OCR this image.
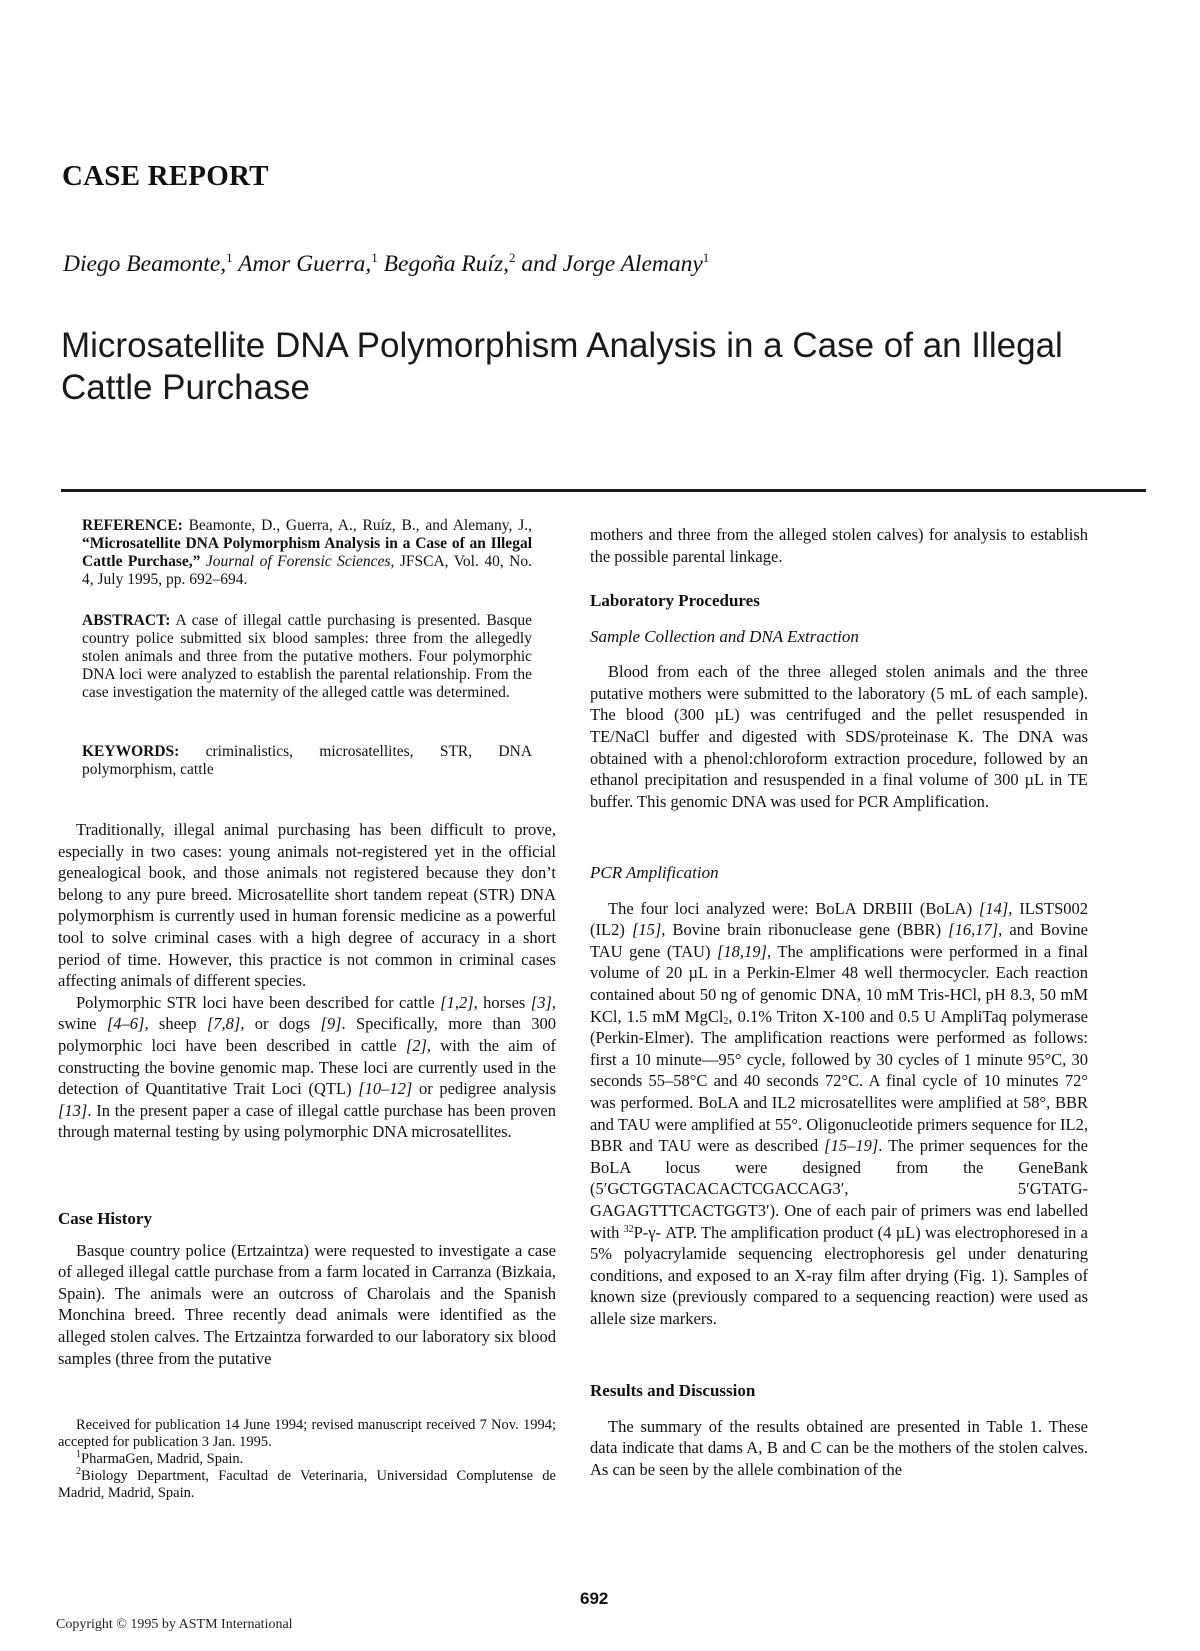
CASE REPORT
Diego Beamonte,$^1$ Amor Guerra,$^1$ Begoña Ruíz,$^2$ and Jorge Alemany$^1$
Microsatellite DNA Polymorphism Analysis in a Case of an Illegal Cattle Purchase

REFERENCE: Beamonte, D., Guerra, A., Ruíz, B., and Alemany, J., “Microsatellite DNA Polymorphism Analysis in a Case of an Illegal Cattle Purchase,” Journal of Forensic Sciences, JFSCA, Vol. 40, No. 4, July 1995, pp. 692–694.

ABSTRACT: A case of illegal cattle purchasing is presented. Basque country police submitted six blood samples: three from the allegedly stolen animals and three from the putative mothers. Four polymorphic DNA loci were analyzed to establish the parental relationship. From the case investigation the maternity of the alleged cattle was determined.

KEYWORDS: criminalistics, microsatellites, STR, DNA polymorphism, cattle

Traditionally, illegal animal purchasing has been difficult to prove, especially in two cases: young animals not-registered yet in the official genealogical book, and those animals not registered because they don’t belong to any pure breed. Microsatellite short tandem repeat (STR) DNA polymorphism is currently used in human forensic medicine as a powerful tool to solve criminal cases with a high degree of accuracy in a short period of time. However, this practice is not common in criminal cases affecting animals of different species.

Polymorphic STR loci have been described for cattle [1,2], horses [3], swine [4–6], sheep [7,8], or dogs [9]. Specifically, more than 300 polymorphic loci have been described in cattle [2], with the aim of constructing the bovine genomic map. These loci are currently used in the detection of Quantitative Trait Loci (QTL) [10–12] or pedigree analysis [13]. In the present paper a case of illegal cattle purchase has been proven through maternal testing by using polymorphic DNA microsatellites.

Case History

Basque country police (Ertzaintza) were requested to investigate a case of alleged illegal cattle purchase from a farm located in Carranza (Bizkaia, Spain). The animals were an outcross of Charolais and the Spanish Monchina breed. Three recently dead animals were identified as the alleged stolen calves. The Ertzaintza forwarded to our laboratory six blood samples (three from the putative

Received for publication 14 June 1994; revised manuscript received 7 Nov. 1994; accepted for publication 3 Jan. 1995.

$^1$PharmaGen, Madrid, Spain.

$^2$Biology Department, Facultad de Veterinaria, Universidad Complutense de Madrid, Madrid, Spain.

mothers and three from the alleged stolen calves) for analysis to establish the possible parental linkage.

Laboratory Procedures
Sample Collection and DNA Extraction

Blood from each of the three alleged stolen animals and the three putative mothers were submitted to the laboratory (5 mL of each sample). The blood (300 µL) was centrifuged and the pellet resuspended in TE/NaCl buffer and digested with SDS/proteinase K. The DNA was obtained with a phenol:chloroform extraction procedure, followed by an ethanol precipitation and resuspended in a final volume of 300 µL in TE buffer. This genomic DNA was used for PCR Amplification.

PCR Amplification

The four loci analyzed were: BoLA DRBIII (BoLA) [14], ILSTS002 (IL2) [15], Bovine brain ribonuclease gene (BBR) [16,17], and Bovine TAU gene (TAU) [18,19], The amplifications were performed in a final volume of 20 µL in a Perkin-Elmer 48 well thermocycler. Each reaction contained about 50 ng of genomic DNA, 10 mM Tris-HCl, pH 8.3, 50 mM KCl, 1.5 mM MgCl$_2$, 0.1% Triton X-100 and 0.5 U AmpliTaq polymerase (Perkin-Elmer). The amplification reactions were performed as follows: first a 10 minute—95° cycle, followed by 30 cycles of 1 minute 95°C, 30 seconds 55–58°C and 40 seconds 72°C. A final cycle of 10 minutes 72° was performed. BoLA and IL2 microsatellites were amplified at 58°, BBR and TAU were amplified at 55°. Oligonucleotide primers sequence for IL2, BBR and TAU were as described [15–19]. The primer sequences for the BoLA locus were designed from the GeneBank (5′GCTGGTACACACTCGACCAG3′, 5′GTATG-GAGAGTTTCACTGGT3′). One of each pair of primers was end labelled with $^{32}$P-γ- ATP. The amplification product (4 µL) was electrophoresed in a 5% polyacrylamide sequencing electrophoresis gel under denaturing conditions, and exposed to an X-ray film after drying (Fig. 1). Samples of known size (previously compared to a sequencing reaction) were used as allele size markers.

Results and Discussion

The summary of the results obtained are presented in Table 1. These data indicate that dams A, B and C can be the mothers of the stolen calves. As can be seen by the allele combination of the

692
Copyright © 1995 by ASTM International
